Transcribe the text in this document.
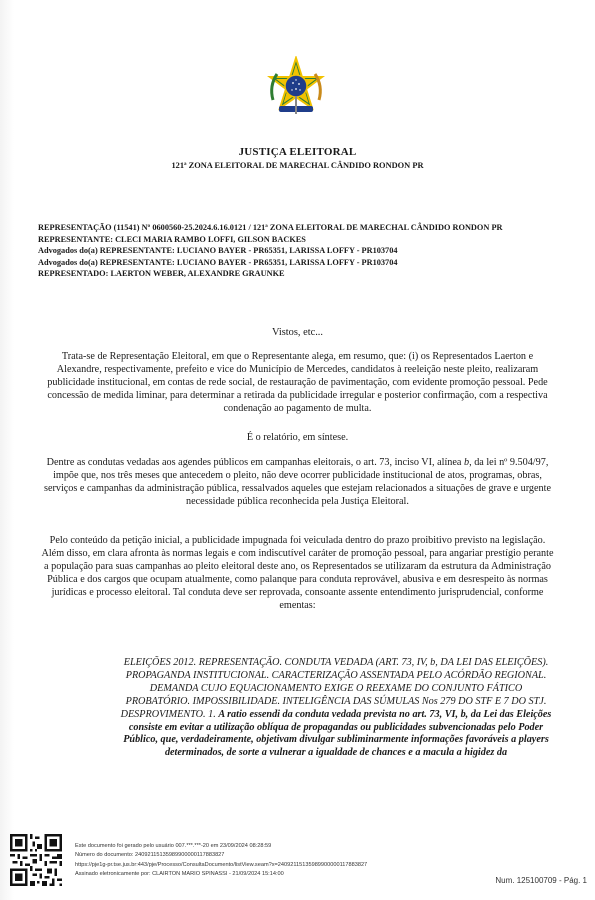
JUSTIÇA ELEITORAL
121ª ZONA ELEITORAL DE MARECHAL CÂNDIDO RONDON PR
REPRESENTAÇÃO (11541) Nº 0600560-25.2024.6.16.0121 / 121ª ZONA ELEITORAL DE MARECHAL CÂNDIDO RONDON PR
REPRESENTANTE: CLECI MARIA RAMBO LOFFI, GILSON BACKES
Advogados do(a) REPRESENTANTE: LUCIANO BAYER - PR65351, LARISSA LOFFY - PR103704
Advogados do(a) REPRESENTANTE: LUCIANO BAYER - PR65351, LARISSA LOFFY - PR103704
REPRESENTADO: LAERTON WEBER, ALEXANDRE GRAUNKE
Vistos, etc...
Trata-se de Representação Eleitoral, em que o Representante alega, em resumo, que: (i) os Representados Laerton e Alexandre, respectivamente, prefeito e vice do Município de Mercedes, candidatos à reeleição neste pleito, realizaram publicidade institucional, em contas de rede social, de restauração de pavimentação, com evidente promoção pessoal. Pede concessão de medida liminar, para determinar a retirada da publicidade irregular e posterior confirmação, com a respectiva condenação ao pagamento de multa.
É o relatório, em síntese.
Dentre as condutas vedadas aos agendes públicos em campanhas eleitorais, o art. 73, inciso VI, alínea b, da lei nº 9.504/97, impõe que, nos três meses que antecedem o pleito, não deve ocorrer publicidade institucional de atos, programas, obras, serviços e campanhas da administração pública, ressalvados aqueles que estejam relacionados a situações de grave e urgente necessidade pública reconhecida pela Justiça Eleitoral.
Pelo conteúdo da petição inicial, a publicidade impugnada foi veiculada dentro do prazo proibitivo previsto na legislação. Além disso, em clara afronta às normas legais e com indiscutível caráter de promoção pessoal, para angariar prestígio perante a população para suas campanhas ao pleito eleitoral deste ano, os Representados se utilizaram da estrutura da Administração Pública e dos cargos que ocupam atualmente, como palanque para conduta reprovável, abusiva e em desrespeito às normas jurídicas e processo eleitoral. Tal conduta deve ser reprovada, consoante assente entendimento jurisprudencial, conforme ementas:
ELEIÇÕES 2012. REPRESENTAÇÃO. CONDUTA VEDADA (ART. 73, IV, b, DA LEI DAS ELEIÇÕES). PROPAGANDA INSTITUCIONAL. CARACTERIZAÇÃO ASSENTADA PELO ACÓRDÃO REGIONAL. DEMANDA CUJO EQUACIONAMENTO EXIGE O REEXAME DO CONJUNTO FÁTICO PROBATÓRIO. IMPOSSIBILIDADE. INTELIGÊNCIA DAS SÚMULAS Nos 279 DO STF E 7 DO STJ. DESPROVIMENTO. 1. A ratio essendi da conduta vedada prevista no art. 73, VI, b, da Lei das Eleições consiste em evitar a utilização oblíqua de propagandas ou publicidades subvencionadas pelo Poder Público, que, verdadeiramente, objetivam divulgar subliminarmente informações favoráveis a players determinados, de sorte a vulnerar a igualdade de chances e a macula a higidez da
Este documento foi gerado pelo usuário 007.***.***-20 em 23/09/2024 08:28:59
Número do documento: 24092115135989900000117883827
https://pje1g-pr.tse.jus.br:443/pje/Processo/ConsultaDocumento/listView.seam?x=24092115135989900000117883827
Assinado eletronicamente por: CLAIRTON MARIO SPINASSI - 21/09/2024 15:14:00
Num. 125100709 - Pág. 1
